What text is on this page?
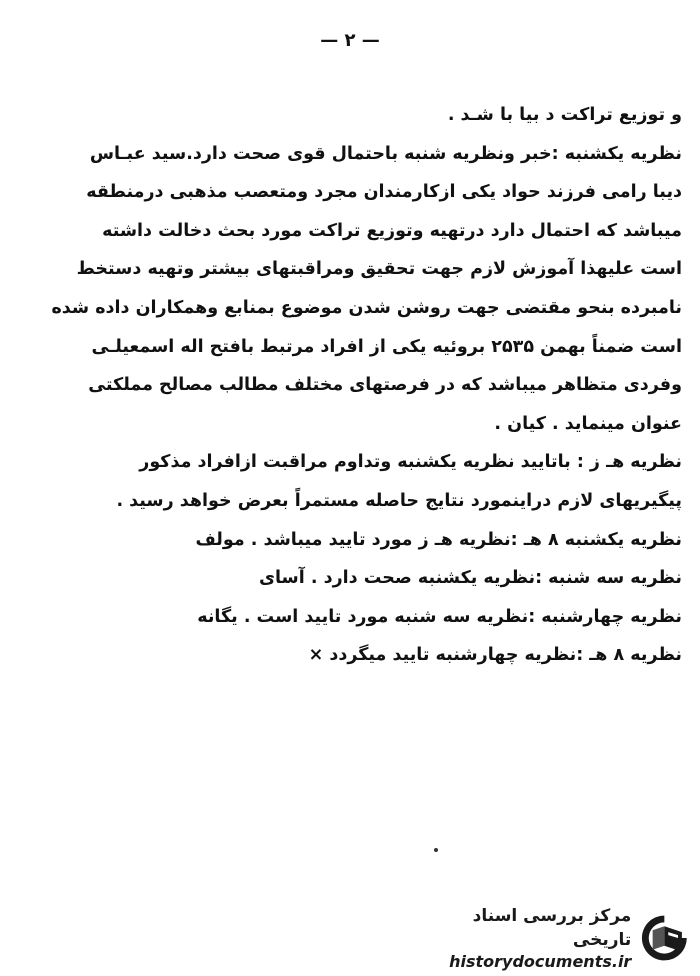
— ۲ —
و توزیع تراکت د بیا با شـد .
نظریه یکشنبه :خبر ونظریه شنبه باحتمال قوی صحت دارد.سید عبـاس
دیبا رامی فرزند حواد یکی ازکارمندان مجرد ومتعصب مذهبی درمنطقه
میباشد که احتمال دارد درتهیه وتوزیع تراکت مورد بحث دخالت داشته
است علیهذا آموزش لازم جهت تحقیق ومراقبتهای بیشتر وتهیه دستخط
نامبرده بنحو مقتضی جهت روشن شدن موضوع بمنابع وهمکاران داده شده
است ضمناً بهمن ۲۵۳۵ بروئیه یکی از افراد مرتبط بافتح اله اسمعیلـی
وفردی متظاهر میباشد که در فرصتهای مختلف مطالب مصالح مملکتی
عنوان مینماید . کیان .
نظریه هـ ز : باتایید نظریه یکشنبه وتداوم مراقبت ازافراد مذکور
پیگیریهای لازم دراینمورد نتایج حاصله مستمراً بعرض خواهد رسید .
نظریه یکشنبه ۸ هـ :نظریه هـ ز مورد تایید میباشد . مولف
نظریه سه شنبه :نظریه یکشنبه صحت دارد . آسای
نظریه چهارشنبه :نظریه سه شنبه مورد تایید است . یگانه
نظریه ۸ هـ :نظریه چهارشنبه تایید میگردد ×
مرکز بررسی اسناد تاریخی
historydocuments.ir
